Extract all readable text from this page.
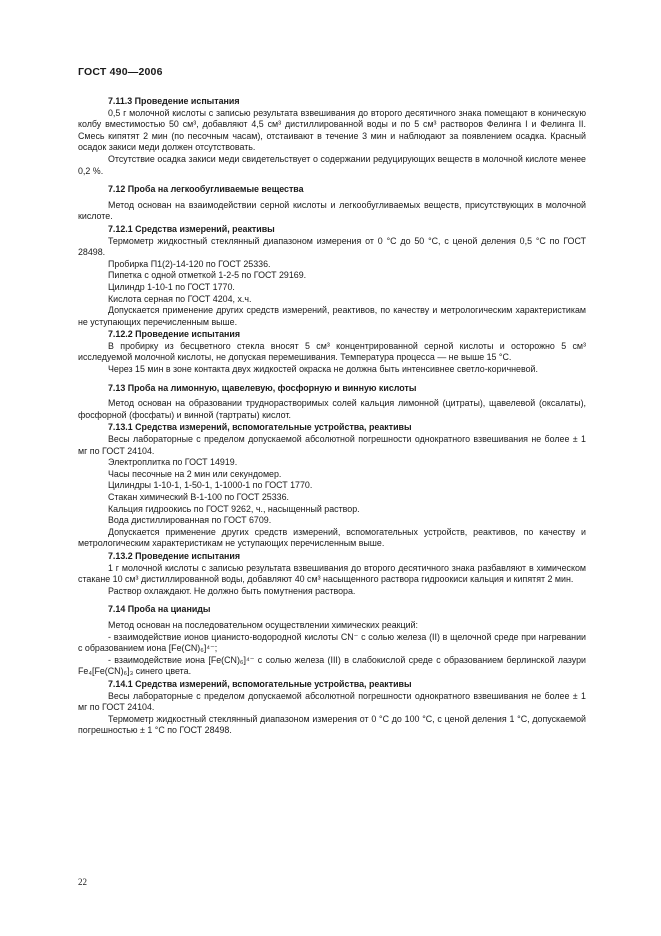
ГОСТ 490—2006

7.11.3 Проведение испытания

0,5 г молочной кислоты с записью результата взвешивания до второго десятичного знака помещают в коническую колбу вместимостью 50 см³, добавляют 4,5 см³ дистиллированной воды и по 5 см³ растворов Фелинга I и Фелинга II. Смесь кипятят 2 мин (по песочным часам), отстаивают в течение 3 мин и наблюдают за появлением осадка. Красный осадок закиси меди должен отсутствовать.

Отсутствие осадка закиси меди свидетельствует о содержании редуцирующих веществ в молочной кислоте менее 0,2 %.

7.12 Проба на легкообугливаемые вещества

Метод основан на взаимодействии серной кислоты и легкообугливаемых веществ, присутствующих в молочной кислоте.

7.12.1 Средства измерений, реактивы

Термометр жидкостный стеклянный диапазоном измерения от 0 °С до 50 °С, с ценой деления 0,5 °С по ГОСТ 28498.

Пробирка П1(2)-14-120 по ГОСТ 25336.

Пипетка с одной отметкой 1-2-5 по ГОСТ 29169.

Цилиндр 1-10-1 по ГОСТ 1770.

Кислота серная по ГОСТ 4204, х.ч.

Допускается применение других средств измерений, реактивов, по качеству и метрологическим характеристикам не уступающих перечисленным выше.

7.12.2 Проведение испытания

В пробирку из бесцветного стекла вносят 5 см³ концентрированной серной кислоты и осторожно 5 см³ исследуемой молочной кислоты, не допуская перемешивания. Температура процесса — не выше 15 °С.

Через 15 мин в зоне контакта двух жидкостей окраска не должна быть интенсивнее светло-коричневой.

7.13 Проба на лимонную, щавелевую, фосфорную и винную кислоты

Метод основан на образовании труднорастворимых солей кальция лимонной (цитраты), щавелевой (оксалаты), фосфорной (фосфаты) и винной (тартраты) кислот.

7.13.1 Средства измерений, вспомогательные устройства, реактивы

Весы лабораторные с пределом допускаемой абсолютной погрешности однократного взвешивания не более ± 1 мг по ГОСТ 24104.

Электроплитка по ГОСТ 14919.

Часы песочные на 2 мин или секундомер.

Цилиндры 1-10-1, 1-50-1, 1-1000-1 по ГОСТ 1770.

Стакан химический В-1-100 по ГОСТ 25336.

Кальция гидроокись по ГОСТ 9262, ч., насыщенный раствор.

Вода дистиллированная по ГОСТ 6709.

Допускается применение других средств измерений, вспомогательных устройств, реактивов, по качеству и метрологическим характеристикам не уступающих перечисленным выше.

7.13.2 Проведение испытания

1 г молочной кислоты с записью результата взвешивания до второго десятичного знака разбавляют в химическом стакане 10 см³ дистиллированной воды, добавляют 40 см³ насыщенного раствора гидроокиси кальция и кипятят 2 мин.

Раствор охлаждают. Не должно быть помутнения раствора.

7.14 Проба на цианиды

Метод основан на последовательном осуществлении химических реакций:

- взаимодействие ионов цианисто-водородной кислоты CN⁻ с солью железа (II) в щелочной среде при нагревании с образованием иона [Fe(CN)₆]⁴⁻;

- взаимодействие иона [Fe(CN)₆]⁴⁻ с солью железа (III) в слабокислой среде с образованием берлинской лазури Fe₄[Fe(CN)₆]₃ синего цвета.

7.14.1 Средства измерений, вспомогательные устройства, реактивы

Весы лабораторные с пределом допускаемой абсолютной погрешности однократного взвешивания не более ± 1 мг по ГОСТ 24104.

Термометр жидкостный стеклянный диапазоном измерения от 0 °С до 100 °С, с ценой деления 1 °С, допускаемой погрешностью ± 1 °С по ГОСТ 28498.

22
